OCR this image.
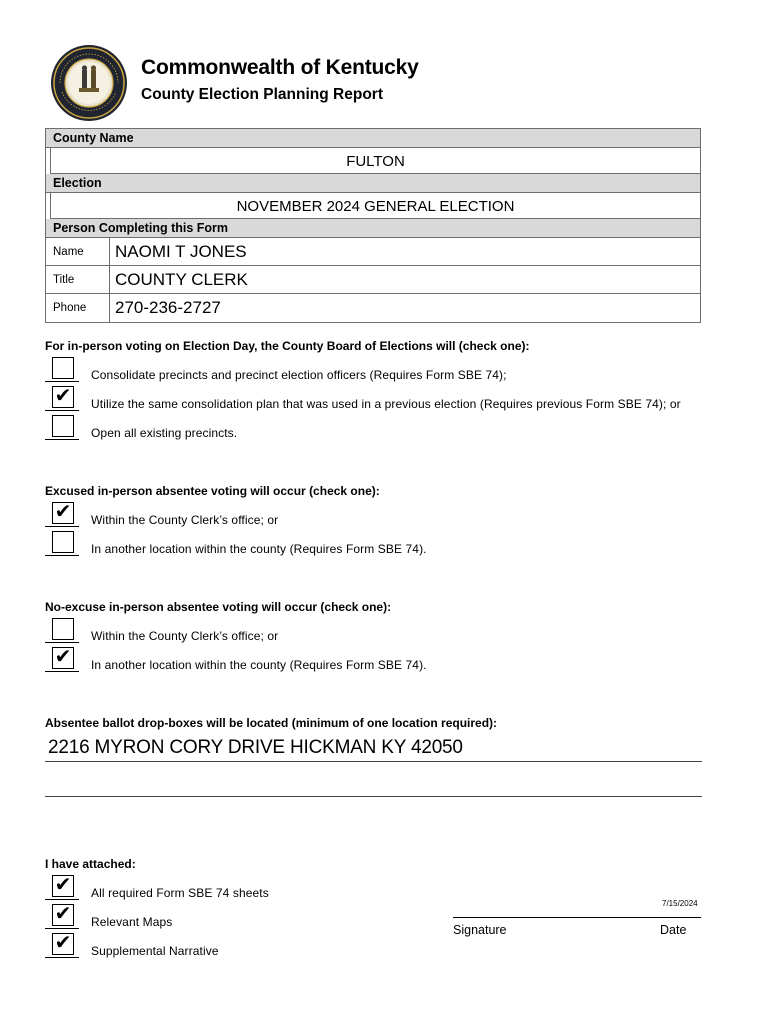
Commonwealth of Kentucky
County Election Planning Report
County Name
FULTON
Election
NOVEMBER 2024 GENERAL ELECTION
Person Completing this Form
Name	NAOMI T JONES
Title	COUNTY CLERK
Phone	270-236-2727
For in-person voting on Election Day, the County Board of Elections will (check one):
Consolidate precincts and precinct election officers (Requires Form SBE 74);
✔ Utilize the same consolidation plan that was used in a previous election (Requires previous Form SBE 74); or
Open all existing precincts.
Excused in-person absentee voting will occur (check one):
✔ Within the County Clerk’s office; or
In another location within the county (Requires Form SBE 74).
No-excuse in-person absentee voting will occur (check one):
Within the County Clerk’s office; or
✔ In another location within the county (Requires Form SBE 74).
Absentee ballot drop-boxes will be located (minimum of one location required):
2216 MYRON CORY DRIVE HICKMAN KY 42050
I have attached:
✔ All required Form SBE 74 sheets
✔ Relevant Maps
✔ Supplemental Narrative
7/15/2024
Signature	Date
